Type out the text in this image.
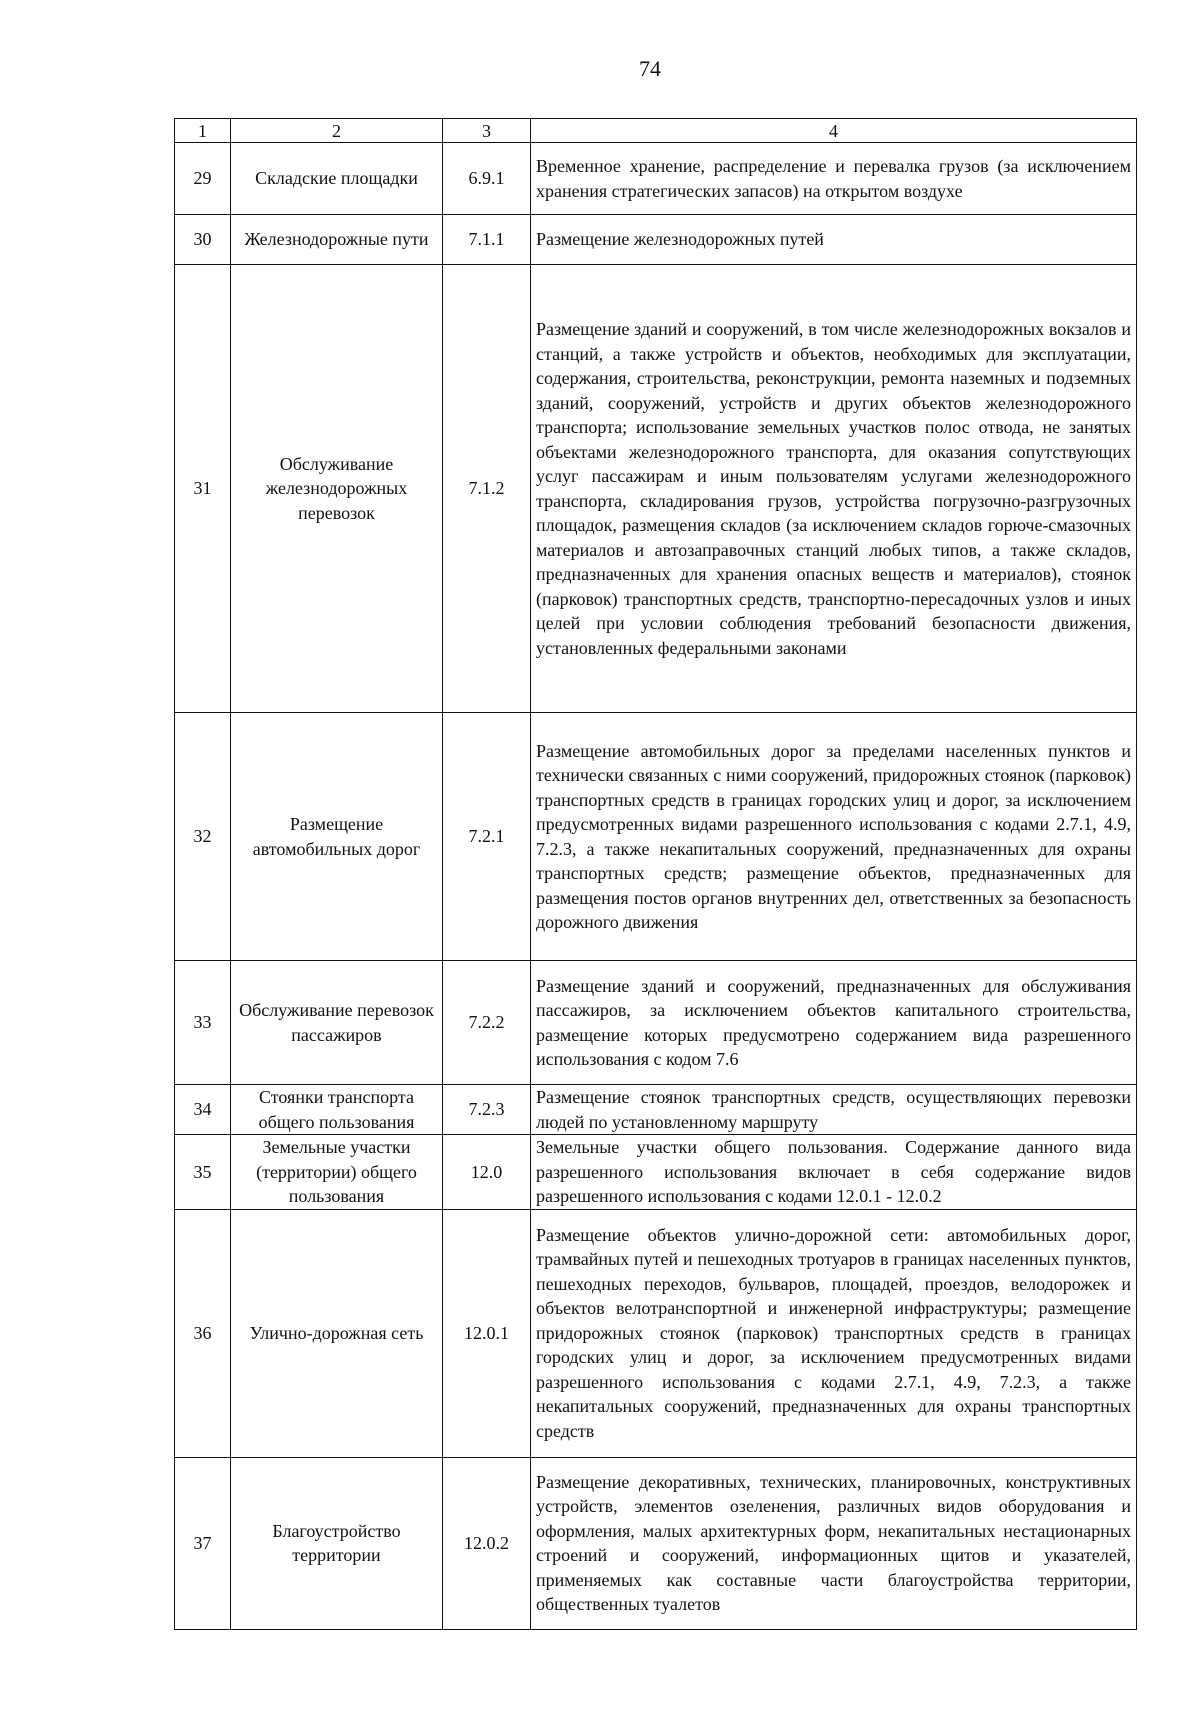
74
1	2	3	4
29	Складские площадки	6.9.1	Временное хранение, распределение и перевалка грузов (за исключением хранения стратегических запасов) на открытом воздухе
30	Железнодорожные пути	7.1.1	Размещение железнодорожных путей
31	Обслуживание железнодорожных перевозок	7.1.2	Размещение зданий и сооружений, в том числе железнодорожных вокзалов и станций, а также устройств и объектов, необходимых для эксплуатации, содержания, строительства, реконструкции, ремонта наземных и подземных зданий, сооружений, устройств и других объектов железнодорожного транспорта; использование земельных участков полос отвода, не занятых объектами железнодорожного транспорта, для оказания сопутствующих услуг пассажирам и иным пользователям услугами железнодорожного транспорта, складирования грузов, устройства погрузочно-разгрузочных площадок, размещения складов (за исключением складов горюче-смазочных материалов и автозаправочных станций любых типов, а также складов, предназначенных для хранения опасных веществ и материалов), стоянок (парковок) транспортных средств, транспортно-пересадочных узлов и иных целей при условии соблюдения требований безопасности движения, установленных федеральными законами
32	Размещение автомобильных дорог	7.2.1	Размещение автомобильных дорог за пределами населенных пунктов и технически связанных с ними сооружений, придорожных стоянок (парковок) транспортных средств в границах городских улиц и дорог, за исключением предусмотренных видами разрешенного использования с кодами 2.7.1, 4.9, 7.2.3, а также некапитальных сооружений, предназначенных для охраны транспортных средств; размещение объектов, предназначенных для размещения постов органов внутренних дел, ответственных за безопасность дорожного движения
33	Обслуживание перевозок пассажиров	7.2.2	Размещение зданий и сооружений, предназначенных для обслуживания пассажиров, за исключением объектов капитального строительства, размещение которых предусмотрено содержанием вида разрешенного использования с кодом 7.6
34	Стоянки транспорта общего пользования	7.2.3	Размещение стоянок транспортных средств, осуществляющих перевозки людей по установленному маршруту
35	Земельные участки (территории) общего пользования	12.0	Земельные участки общего пользования. Содержание данного вида разрешенного использования включает в себя содержание видов разрешенного использования с кодами 12.0.1 - 12.0.2
36	Улично-дорожная сеть	12.0.1	Размещение объектов улично-дорожной сети: автомобильных дорог, трамвайных путей и пешеходных тротуаров в границах населенных пунктов, пешеходных переходов, бульваров, площадей, проездов, велодорожек и объектов велотранспортной и инженерной инфраструктуры; размещение придорожных стоянок (парковок) транспортных средств в границах городских улиц и дорог, за исключением предусмотренных видами разрешенного использования с кодами 2.7.1, 4.9, 7.2.3, а также некапитальных сооружений, предназначенных для охраны транспортных средств
37	Благоустройство территории	12.0.2	Размещение декоративных, технических, планировочных, конструктивных устройств, элементов озеленения, различных видов оборудования и оформления, малых архитектурных форм, некапитальных нестационарных строений и сооружений, информационных щитов и указателей, применяемых как составные части благоустройства территории, общественных туалетов
